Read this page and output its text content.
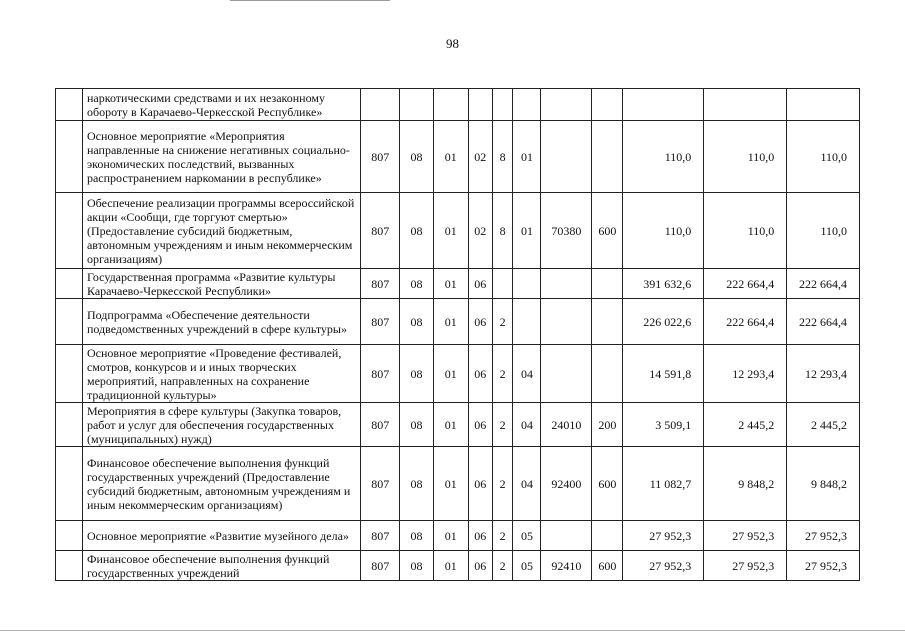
98
	наркотическими средствами и их незаконному обороту в Карачаево-Черкесской Республике»											
	Основное мероприятие «Мероприятия направленные на снижение негативных социально-экономических последствий, вызванных распространением наркомании в республике»	807	08	01	02	8	01			110,0	110,0	110,0
	Обеспечение реализации программы всероссийской акции «Сообщи, где торгуют смертью» (Предоставление субсидий бюджетным, автономным учреждениям и иным некоммерческим организациям)	807	08	01	02	8	01	70380	600	110,0	110,0	110,0
	Государственная программа «Развитие культуры Карачаево-Черкесской Республики»	807	08	01	06					391 632,6	222 664,4	222 664,4
	Подпрограмма «Обеспечение деятельности подведомственных учреждений в сфере культуры»	807	08	01	06	2				226 022,6	222 664,4	222 664,4
	Основное мероприятие «Проведение фестивалей, смотров, конкурсов и и иных творческих мероприятий, направленных на сохранение традиционной культуры»	807	08	01	06	2	04			14 591,8	12 293,4	12 293,4
	Мероприятия в сфере культуры (Закупка товаров, работ и услуг для обеспечения государственных (муниципальных) нужд)	807	08	01	06	2	04	24010	200	3 509,1	2 445,2	2 445,2
	Финансовое обеспечение выполнения функций государственных учреждений (Предоставление субсидий бюджетным, автономным учреждениям и иным некоммерческим организациям)	807	08	01	06	2	04	92400	600	11 082,7	9 848,2	9 848,2
	Основное мероприятие «Развитие музейного дела»	807	08	01	06	2	05			27 952,3	27 952,3	27 952,3
	Финансовое обеспечение выполнения функций государственных учреждений	807	08	01	06	2	05	92410	600	27 952,3	27 952,3	27 952,3
